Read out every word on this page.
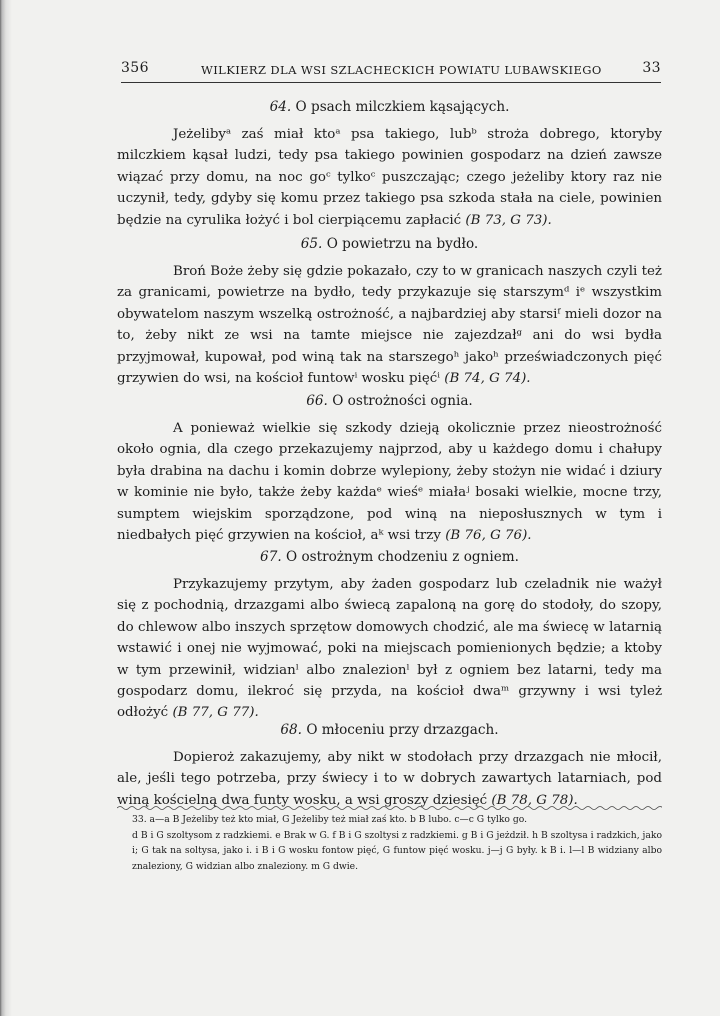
356	WILKIERZ DLA WSI SZLACHECKICH POWIATU LUBAWSKIEGO	33
64. O psach milczkiem kąsających.

Jeżelibyᵃ zaś miał ktoᵃ psa takiego, lubᵇ stroża dobrego, ktoryby milczkiem kąsał ludzi, tedy psa takiego powinien gospodarz na dzień zawsze wiązać przy domu, na noc goᶜ tylkoᶜ puszczając; czego jeżeliby ktory raz nie uczynił, tedy, gdyby się komu przez takiego psa szkoda stała na ciele, powinien będzie na cyrulika łożyć i bol cierpiącemu zapłacić (B 73, G 73).

65. O powietrzu na bydło.

Broń Boże żeby się gdzie pokazało, czy to w granicach naszych czyli też za granicami, powietrze na bydło, tedy przykazuje się starszymᵈ iᵉ wszystkim obywatelom naszym wszelką ostrożność, a najbardziej aby starsiᶠ mieli dozor na to, żeby nikt ze wsi na tamte miejsce nie zajezdzałᵍ ani do wsi bydła przyjmował, kupował, pod winą tak na starszegoʰ jakoʰ przeświadczonych pięć grzywien do wsi, na kościoł funtowⁱ wosku pięćⁱ (B 74, G 74).

66. O ostrożności ognia.

A ponieważ wielkie się szkody dzieją okolicznie przez nieostrożność około ognia, dla czego przekazujemy najprzod, aby u każdego domu i chałupy była drabina na dachu i komin dobrze wylepiony, żeby stożyn nie widać i dziury w kominie nie było, także żeby każdaᵉ wieśᵉ miałaʲ bosaki wielkie, mocne trzy, sumptem wiejskim sporządzone, pod winą na nieposłusznych w tym i niedbałych pięć grzywien na kościoł, aᵏ wsi trzy (B 76, G 76).

67. O ostrożnym chodzeniu z ogniem.

Przykazujemy przytym, aby żaden gospodarz lub czeladnik nie ważył się z pochodnią, drzazgami albo świecą zapaloną na gorę do stodoły, do szopy, do chlewow albo inszych sprzętow domowych chodzić, ale ma świecę w latarnią wstawić i onej nie wyjmować, poki na miejscach pomienionych będzie; a ktoby w tym przewinił, widzianˡ albo znalezionˡ był z ogniem bez latarni, tedy ma gospodarz domu, ilekroć się przyda, na kościoł dwaᵐ grzywny i wsi tyleż odłożyć (B 77, G 77).

68. O młoceniu przy drzazgach.

Dopieroż zakazujemy, aby nikt w stodołach przy drzazgach nie młocił, ale, jeśli tego potrzeba, przy świecy i to w dobrych zawartych latarniach, pod winą kościelną dwa funty wosku, a wsi groszy dziesięć (B 78, G 78).

33. a—a B Jeżeliby też kto miał, G Jeżeliby też miał zaś kto. b B lubo. c—c G tylko go.

d B i G szoltysom z radzkiemi. e Brak w G. f B i G szoltysi z radzkiemi. g B i G jeżdził. h B szoltysa i radzkich, jako i; G tak na soltysa, jako i. i B i G wosku fontow pięć, G funtow pięć wosku. j—j G były. k B i. l—l B widziany albo znaleziony, G widzian albo znaleziony. m G dwie.
